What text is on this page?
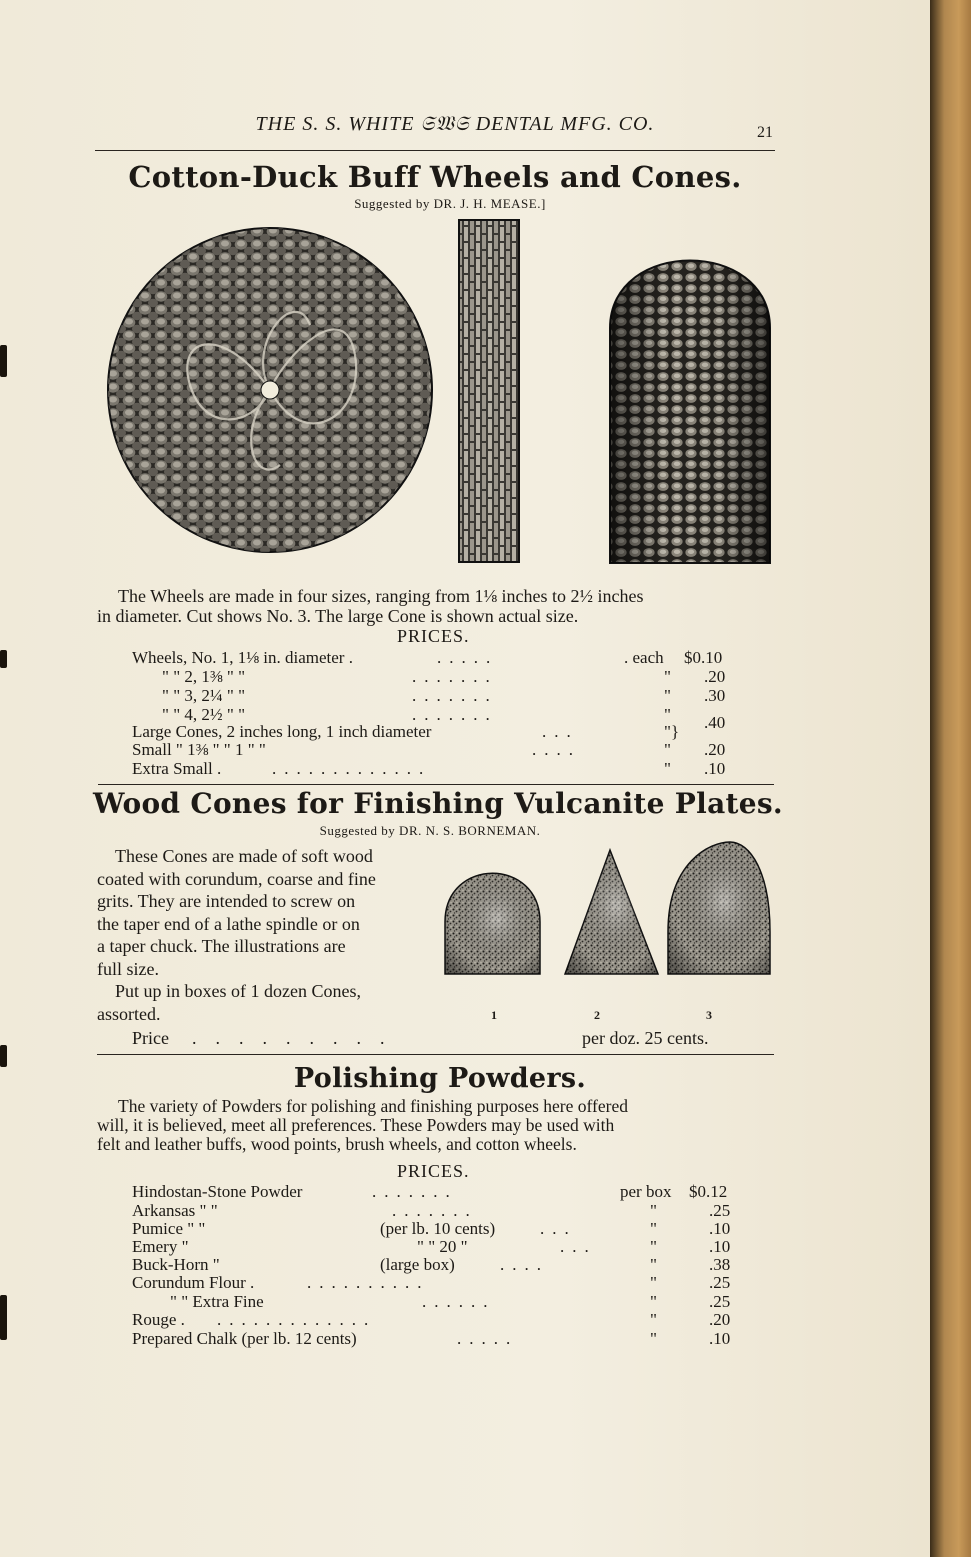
THE S. S. WHITE 𝔖𝔚𝔖 DENTAL MFG. CO.	21
Cotton-Duck Buff Wheels and Cones.
Suggested by DR. J. H. MEASE.]
The Wheels are made in four sizes, ranging from 1⅛ inches to 2½ inches
in diameter. Cut shows No. 3. The large Cone is shown actual size.
PRICES.
Wheels, No. 1, 1⅛ in. diameter .	.....	. each $0.10
" " 2, 1⅜ " "	.......	" .20
" " 3, 2¼ " "	.......	" .30
" " 4, 2½ " "	.......	"
Large Cones, 2 inches long, 1 inch diameter	...	"} .40
Small " 1⅜ " " 1 " "	....	" .20
Extra Small .	.............	" .10
Wood Cones for Finishing Vulcanite Plates.
Suggested by DR. N. S. BORNEMAN.
These Cones are made of soft wood
coated with corundum, coarse and fine
grits. They are intended to screw on
the taper end of a lathe spindle or on
a taper chuck. The illustrations are
full size.
Put up in boxes of 1 dozen Cones,
assorted.	1	2	3
Price .........	per doz. 25 cents.
Polishing Powders.
The variety of Powders for polishing and finishing purposes here offered
will, it is believed, meet all preferences. These Powders may be used with
felt and leather buffs, wood points, brush wheels, and cotton wheels.
PRICES.
Hindostan-Stone Powder	.......	per box $0.12
Arkansas " "	.......	"	.25
Pumice " "	(per lb. 10 cents)	...	"	.10
Emery "	" " 20 "	...	"	.10
Buck-Horn "	(large box)	....	"	.38
Corundum Flour .	..........	"	.25
" " Extra Fine	......	"	.25
Rouge . .............	"	.20
Prepared Chalk (per lb. 12 cents)	.....	"	.10
